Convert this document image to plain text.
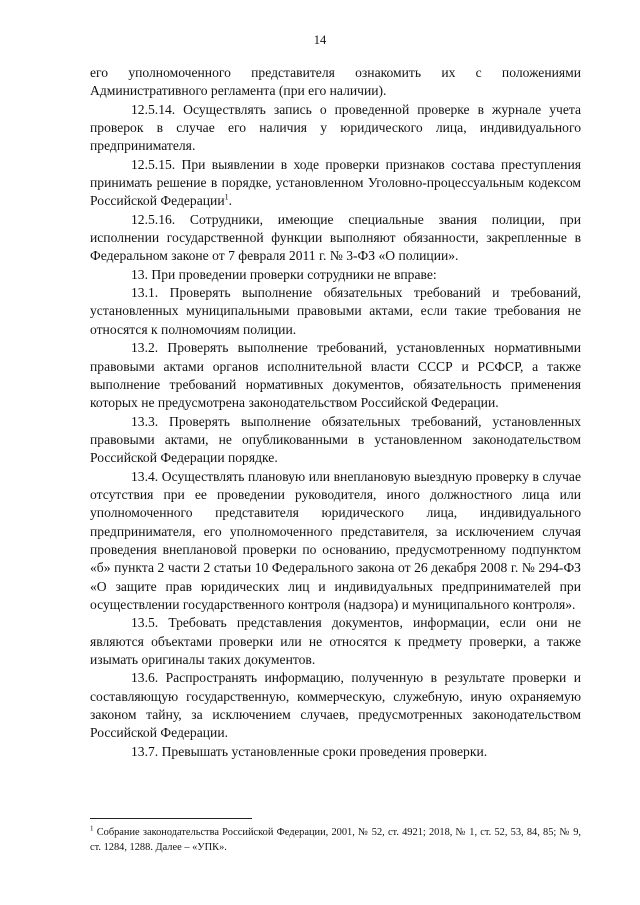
14

его уполномоченного представителя ознакомить их с положениями Административного регламента (при его наличии).

12.5.14. Осуществлять запись о проведенной проверке в журнале учета проверок в случае его наличия у юридического лица, индивидуального предпринимателя.

12.5.15. При выявлении в ходе проверки признаков состава преступления принимать решение в порядке, установленном Уголовно-процессуальным кодексом Российской Федерации$^1$.

12.5.16. Сотрудники, имеющие специальные звания полиции, при исполнении государственной функции выполняют обязанности, закрепленные в Федеральном законе от 7 февраля 2011 г. № 3-ФЗ «О полиции».

13. При проведении проверки сотрудники не вправе:

13.1. Проверять выполнение обязательных требований и требований, установленных муниципальными правовыми актами, если такие требования не относятся к полномочиям полиции.

13.2. Проверять выполнение требований, установленных нормативными правовыми актами органов исполнительной власти СССР и РСФСР, а также выполнение требований нормативных документов, обязательность применения которых не предусмотрена законодательством Российской Федерации.

13.3. Проверять выполнение обязательных требований, установленных правовыми актами, не опубликованными в установленном законодательством Российской Федерации порядке.

13.4. Осуществлять плановую или внеплановую выездную проверку в случае отсутствия при ее проведении руководителя, иного должностного лица или уполномоченного представителя юридического лица, индивидуального предпринимателя, его уполномоченного представителя, за исключением случая проведения внеплановой проверки по основанию, предусмотренному подпунктом «б» пункта 2 части 2 статьи 10 Федерального закона от 26 декабря 2008 г. № 294-ФЗ «О защите прав юридических лиц и индивидуальных предпринимателей при осуществлении государственного контроля (надзора) и муниципального контроля».

13.5. Требовать представления документов, информации, если они не являются объектами проверки или не относятся к предмету проверки, а также изымать оригиналы таких документов.

13.6. Распространять информацию, полученную в результате проверки и составляющую государственную, коммерческую, служебную, иную охраняемую законом тайну, за исключением случаев, предусмотренных законодательством Российской Федерации.

13.7. Превышать установленные сроки проведения проверки.

$^1$ Собрание законодательства Российской Федерации, 2001, № 52, ст. 4921; 2018, № 1, ст. 52, 53, 84, 85; № 9, ст. 1284, 1288. Далее – «УПК».
